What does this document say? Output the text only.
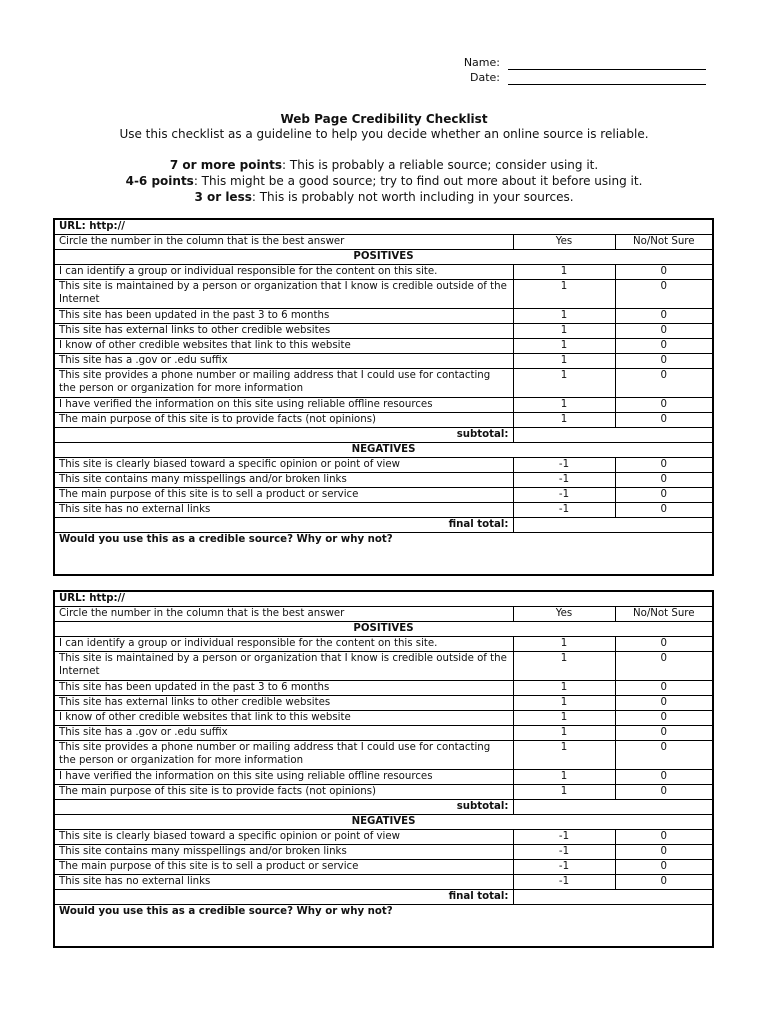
Name:
Date:
Web Page Credibility Checklist
Use this checklist as a guideline to help you decide whether an online source is reliable.
7 or more points: This is probably a reliable source; consider using it.
4-6 points: This might be a good source; try to find out more about it before using it.
3 or less: This is probably not worth including in your sources.
URL: http://		
Circle the number in the column that is the best answer	Yes	No/Not Sure
POSITIVES		
I can identify a group or individual responsible for the content on this site.	1	0
This site is maintained by a person or organization that I know is credible outside of the Internet	1	0
This site has been updated in the past 3 to 6 months	1	0
This site has external links to other credible websites	1	0
I know of other credible websites that link to this website	1	0
This site has a .gov or .edu suffix	1	0
This site provides a phone number or mailing address that I could use for contacting the person or organization for more information	1	0
I have verified the information on this site using reliable offline resources	1	0
The main purpose of this site is to provide facts (not opinions)	1	0
subtotal:		
NEGATIVES		
This site is clearly biased toward a specific opinion or point of view	-1	0
This site contains many misspellings and/or broken links	-1	0
The main purpose of this site is to sell a product or service	-1	0
This site has no external links	-1	0
final total:		
Would you use this as a credible source? Why or why not?		
URL: http://		
Circle the number in the column that is the best answer	Yes	No/Not Sure
POSITIVES		
I can identify a group or individual responsible for the content on this site.	1	0
This site is maintained by a person or organization that I know is credible outside of the Internet	1	0
This site has been updated in the past 3 to 6 months	1	0
This site has external links to other credible websites	1	0
I know of other credible websites that link to this website	1	0
This site has a .gov or .edu suffix	1	0
This site provides a phone number or mailing address that I could use for contacting the person or organization for more information	1	0
I have verified the information on this site using reliable offline resources	1	0
The main purpose of this site is to provide facts (not opinions)	1	0
subtotal:		
NEGATIVES		
This site is clearly biased toward a specific opinion or point of view	-1	0
This site contains many misspellings and/or broken links	-1	0
The main purpose of this site is to sell a product or service	-1	0
This site has no external links	-1	0
final total:		
Would you use this as a credible source? Why or why not?		
